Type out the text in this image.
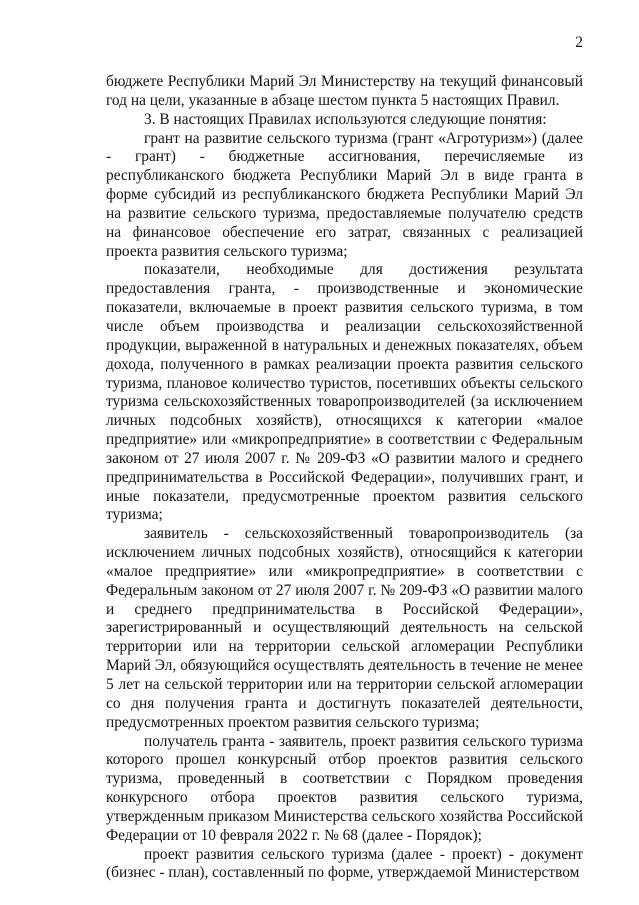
2

бюджете Республики Марий Эл Министерству на текущий финансовый год на цели, указанные в абзаце шестом пункта 5 настоящих Правил.

3. В настоящих Правилах используются следующие понятия:

грант на развитие сельского туризма (грант «Агротуризм») (далее - грант) - бюджетные ассигнования, перечисляемые из республиканского бюджета Республики Марий Эл в виде гранта в форме субсидий из республиканского бюджета Республики Марий Эл на развитие сельского туризма, предоставляемые получателю средств на финансовое обеспечение его затрат, связанных с реализацией проекта развития сельского туризма;

показатели, необходимые для достижения результата предоставления гранта, - производственные и экономические показатели, включаемые в проект развития сельского туризма, в том числе объем производства и реализации сельскохозяйственной продукции, выраженной в натуральных и денежных показателях, объем дохода, полученного в рамках реализации проекта развития сельского туризма, плановое количество туристов, посетивших объекты сельского туризма сельскохозяйственных товаропроизводителей (за исключением личных подсобных хозяйств), относящихся к категории «малое предприятие» или «микропредприятие» в соответствии с Федеральным законом от 27 июля 2007 г. № 209-ФЗ «О развитии малого и среднего предпринимательства в Российской Федерации», получивших грант, и иные показатели, предусмотренные проектом развития сельского туризма;

заявитель - сельскохозяйственный товаропроизводитель (за исключением личных подсобных хозяйств), относящийся к категории «малое предприятие» или «микропредприятие» в соответствии с Федеральным законом от 27 июля 2007 г. № 209-ФЗ «О развитии малого и среднего предпринимательства в Российской Федерации», зарегистрированный и осуществляющий деятельность на сельской территории или на территории сельской агломерации Республики Марий Эл, обязующийся осуществлять деятельность в течение не менее 5 лет на сельской территории или на территории сельской агломерации со дня получения гранта и достигнуть показателей деятельности, предусмотренных проектом развития сельского туризма;

получатель гранта - заявитель, проект развития сельского туризма которого прошел конкурсный отбор проектов развития сельского туризма, проведенный в соответствии с Порядком проведения конкурсного отбора проектов развития сельского туризма, утвержденным приказом Министерства сельского хозяйства Российской Федерации от 10 февраля 2022 г. № 68 (далее - Порядок);

проект развития сельского туризма (далее - проект) - документ (бизнес - план), составленный по форме, утверждаемой Министерством
